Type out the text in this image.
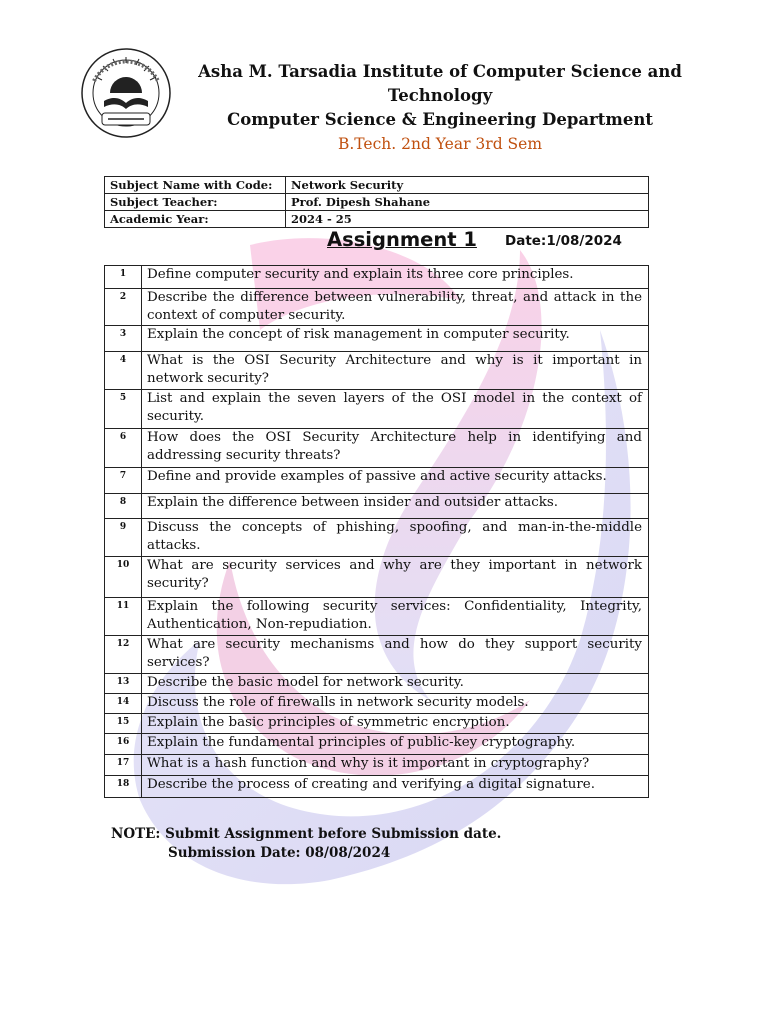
Asha M. Tarsadia Institute of Computer Science and Technology
Computer Science & Engineering Department
B.Tech. 2nd Year 3rd Sem
Subject Name with Code:	Network Security
Subject Teacher:	Prof. Dipesh Shahane
Academic Year:	2024 - 25
Assignment 1 Date:1/08/2024
1	Define computer security and explain its three core principles.
2	Describe the difference between vulnerability, threat, and attack in the context of computer security.
3	Explain the concept of risk management in computer security.
4	What is the OSI Security Architecture and why is it important in network security?
5	List and explain the seven layers of the OSI model in the context of security.
6	How does the OSI Security Architecture help in identifying and addressing security threats?
7	Define and provide examples of passive and active security attacks.
8	Explain the difference between insider and outsider attacks.
9	Discuss the concepts of phishing, spoofing, and man-in-the-middle attacks.
10	What are security services and why are they important in network security?
11	Explain the following security services: Confidentiality, Integrity, Authentication, Non-repudiation.
12	What are security mechanisms and how do they support security services?
13	Describe the basic model for network security.
14	Discuss the role of firewalls in network security models.
15	Explain the basic principles of symmetric encryption.
16	Explain the fundamental principles of public-key cryptography.
17	What is a hash function and why is it important in cryptography?
18	Describe the process of creating and verifying a digital signature.
NOTE: Submit Assignment before Submission date.
Submission Date: 08/08/2024
